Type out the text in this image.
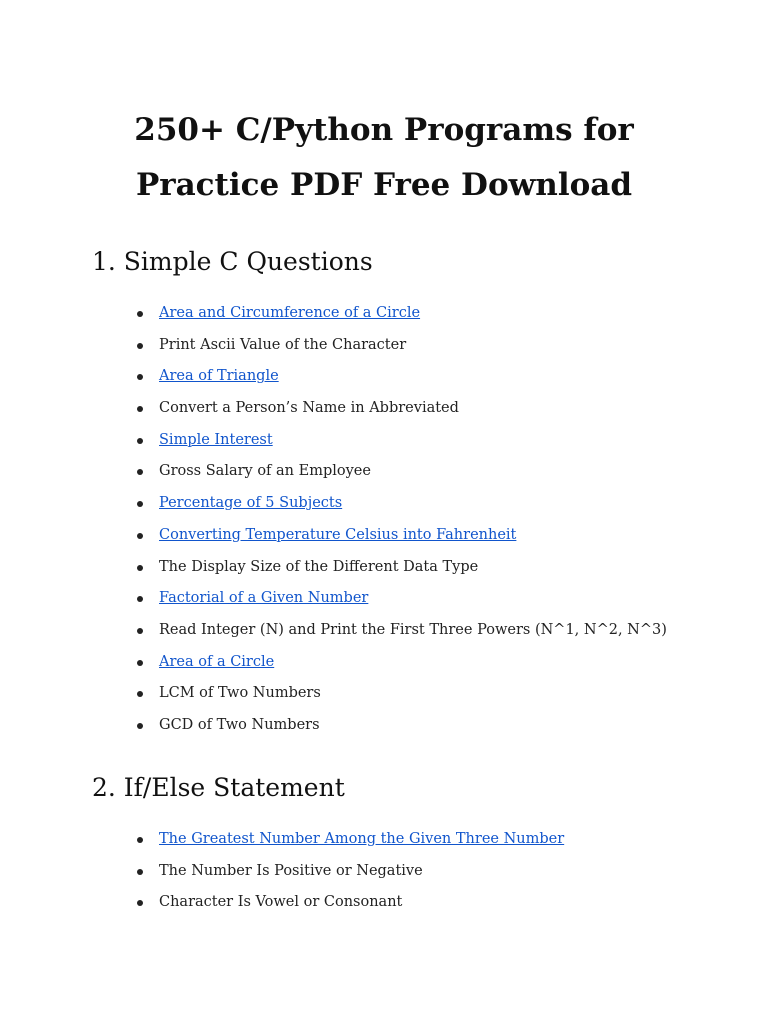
250+ C/Python Programs for
Practice PDF Free Download
1. Simple C Questions
Area and Circumference of a Circle
Print Ascii Value of the Character
Area of Triangle
Convert a Person’s Name in Abbreviated
Simple Interest
Gross Salary of an Employee
Percentage of 5 Subjects
Converting Temperature Celsius into Fahrenheit
The Display Size of the Different Data Type
Factorial of a Given Number
Read Integer (N) and Print the First Three Powers (N^1, N^2, N^3)
Area of a Circle
LCM of Two Numbers
GCD of Two Numbers
2. If/Else Statement
The Greatest Number Among the Given Three Number
The Number Is Positive or Negative
Character Is Vowel or Consonant
